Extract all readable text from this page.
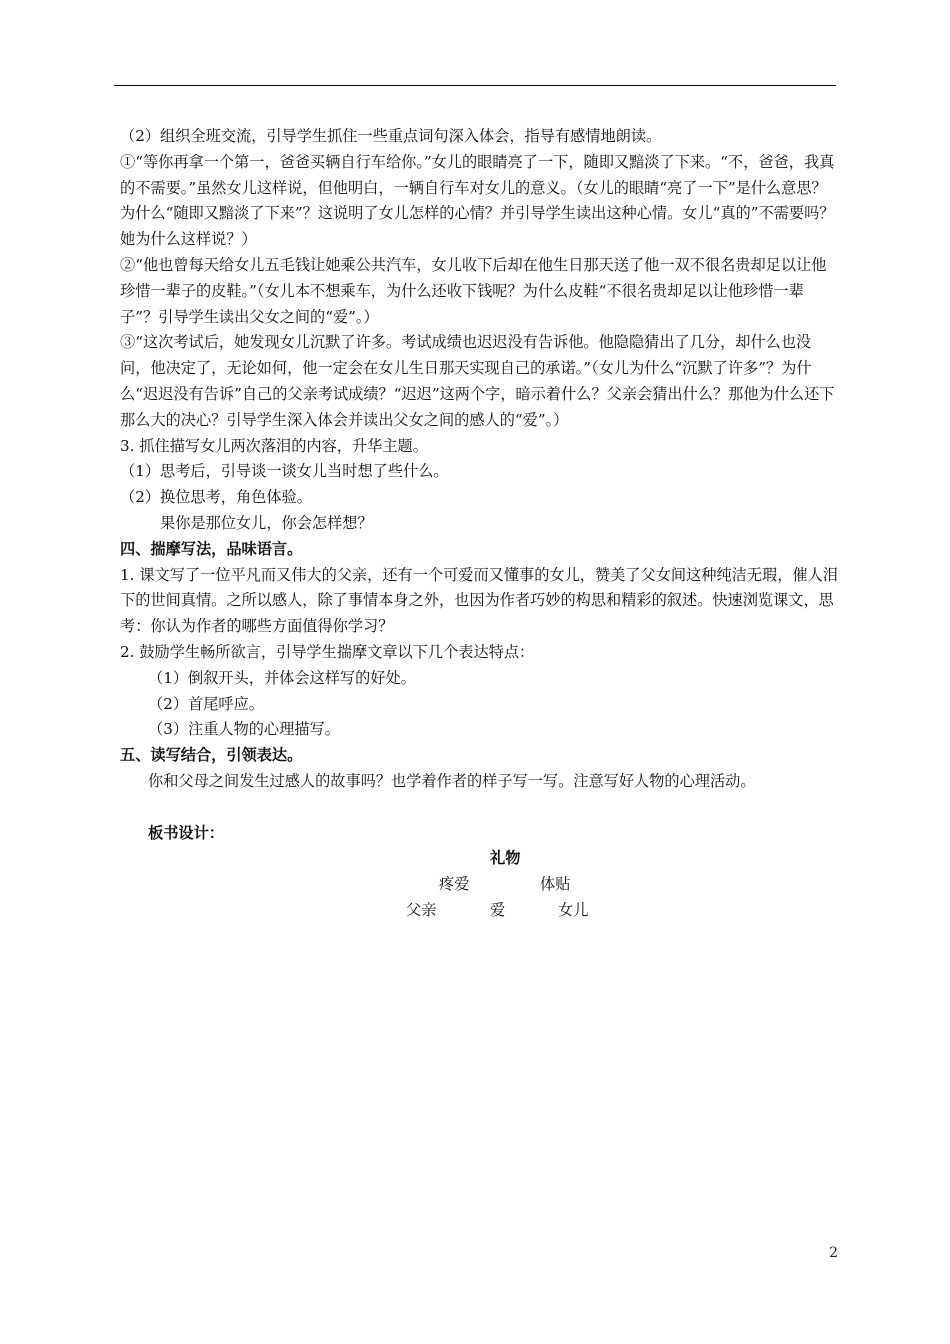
（2）组织全班交流，引导学生抓住一些重点词句深入体会，指导有感情地朗读。

①“等你再拿一个第一，爸爸买辆自行车给你。”女儿的眼睛亮了一下，随即又黯淡了下来。“不，爸爸，我真的不需要。”虽然女儿这样说，但他明白，一辆自行车对女儿的意义。（女儿的眼睛“亮了一下”是什么意思？为什么“随即又黯淡了下来”？这说明了女儿怎样的心情？并引导学生读出这种心情。女儿“真的”不需要吗？她为什么这样说？）

②“他也曾每天给女儿五毛钱让她乘公共汽车，女儿收下后却在他生日那天送了他一双不很名贵却足以让他珍惜一辈子的皮鞋。”（女儿本不想乘车，为什么还收下钱呢？为什么皮鞋“不很名贵却足以让他珍惜一辈子”？引导学生读出父女之间的“爱”。）

③“这次考试后，她发现女儿沉默了许多。考试成绩也迟迟没有告诉他。他隐隐猜出了几分，却什么也没问，他决定了，无论如何，他一定会在女儿生日那天实现自己的承诺。”（女儿为什么“沉默了许多”？为什么“迟迟没有告诉”自己的父亲考试成绩？“迟迟”这两个字，暗示着什么？父亲会猜出什么？那他为什么还下那么大的决心？引导学生深入体会并读出父女之间的感人的“爱”。）

3. 抓住描写女儿两次落泪的内容，升华主题。

（1）思考后，引导谈一谈女儿当时想了些什么。

（2）换位思考，角色体验。

果你是那位女儿，你会怎样想？

四、揣摩写法，品味语言。

1. 课文写了一位平凡而又伟大的父亲，还有一个可爱而又懂事的女儿，赞美了父女间这种纯洁无瑕，催人泪下的世间真情。之所以感人，除了事情本身之外，也因为作者巧妙的构思和精彩的叙述。快速浏览课文，思考：你认为作者的哪些方面值得你学习？

2. 鼓励学生畅所欲言，引导学生揣摩文章以下几个表达特点：

（1）倒叙开头，并体会这样写的好处。

（2）首尾呼应。

（3）注重人物的心理描写。

五、读写结合，引领表达。

你和父母之间发生过感人的故事吗？也学着作者的样子写一写。注意写好人物的心理活动。

板书设计：

礼物
疼爱	体贴
父亲	爱	女儿
2
